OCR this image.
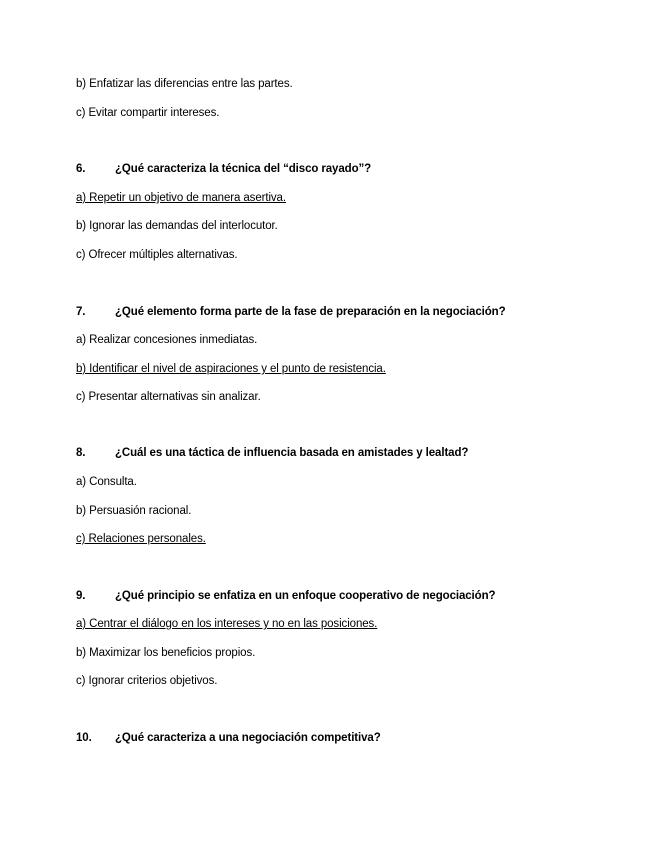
b) Enfatizar las diferencias entre las partes.
c) Evitar compartir intereses.
6.	¿Qué caracteriza la técnica del “disco rayado”?
a) Repetir un objetivo de manera asertiva.
b) Ignorar las demandas del interlocutor.
c) Ofrecer múltiples alternativas.
7.	¿Qué elemento forma parte de la fase de preparación en la negociación?
a) Realizar concesiones inmediatas.
b) Identificar el nivel de aspiraciones y el punto de resistencia.
c) Presentar alternativas sin analizar.
8.	¿Cuál es una táctica de influencia basada en amistades y lealtad?
a) Consulta.
b) Persuasión racional.
c) Relaciones personales.
9.	¿Qué principio se enfatiza en un enfoque cooperativo de negociación?
a) Centrar el diálogo en los intereses y no en las posiciones.
b) Maximizar los beneficios propios.
c) Ignorar criterios objetivos.
10. ¿Qué caracteriza a una negociación competitiva?
